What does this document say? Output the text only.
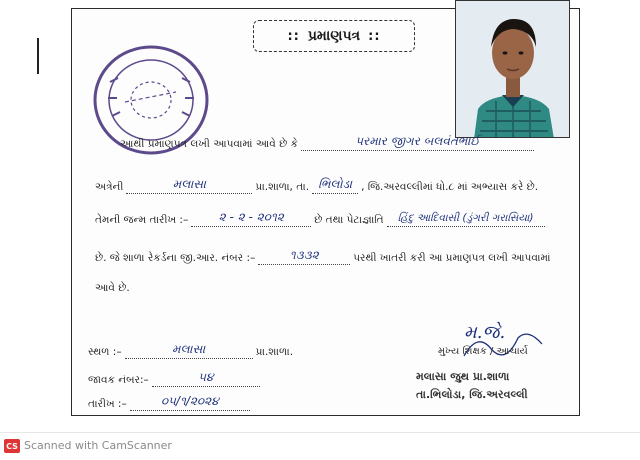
:: પ્રમાણપત્ર ::
આથી પ્રમાણપત્ર લખી આપવામાં આવે છે કે	પરમાર જીગર બલવંતભાઈ
અત્રેની	મલાસા	પ્રા.શાળા, તા. ભિલોડા , જિ.અરવલ્લીમાં ધો.૮ માં અભ્યાસ કરે છે.
તેમની જન્મ તારીખ :–	૨ - ૨ - ૨૦૧૨	છે તથા પેટાજ્ઞાતિ	હિંદુ આદિવાસી (ડુંગરી ગરાસિયા)
છે. જે શાળા રેકર્ડના જી.આર. નંબર :–	૧૩૩૨	પરથી ખાતરી કરી આ પ્રમાણપત્ર લખી આપવામાં
આવે છે.
સ્થળ :–	મલાસા	પ્રા.શાળા.
જાવક નંબર:–	૫૪
તારીખ :–	૦૫/૧/૨૦૨૪
મ.જે.
મુખ્ય શિક્ષક / આચાર્ય
મલાસા જુથ પ્રા.શાળા
તા.ભિલોડા, જિ.અરવલ્લી
CS Scanned with CamScanner
